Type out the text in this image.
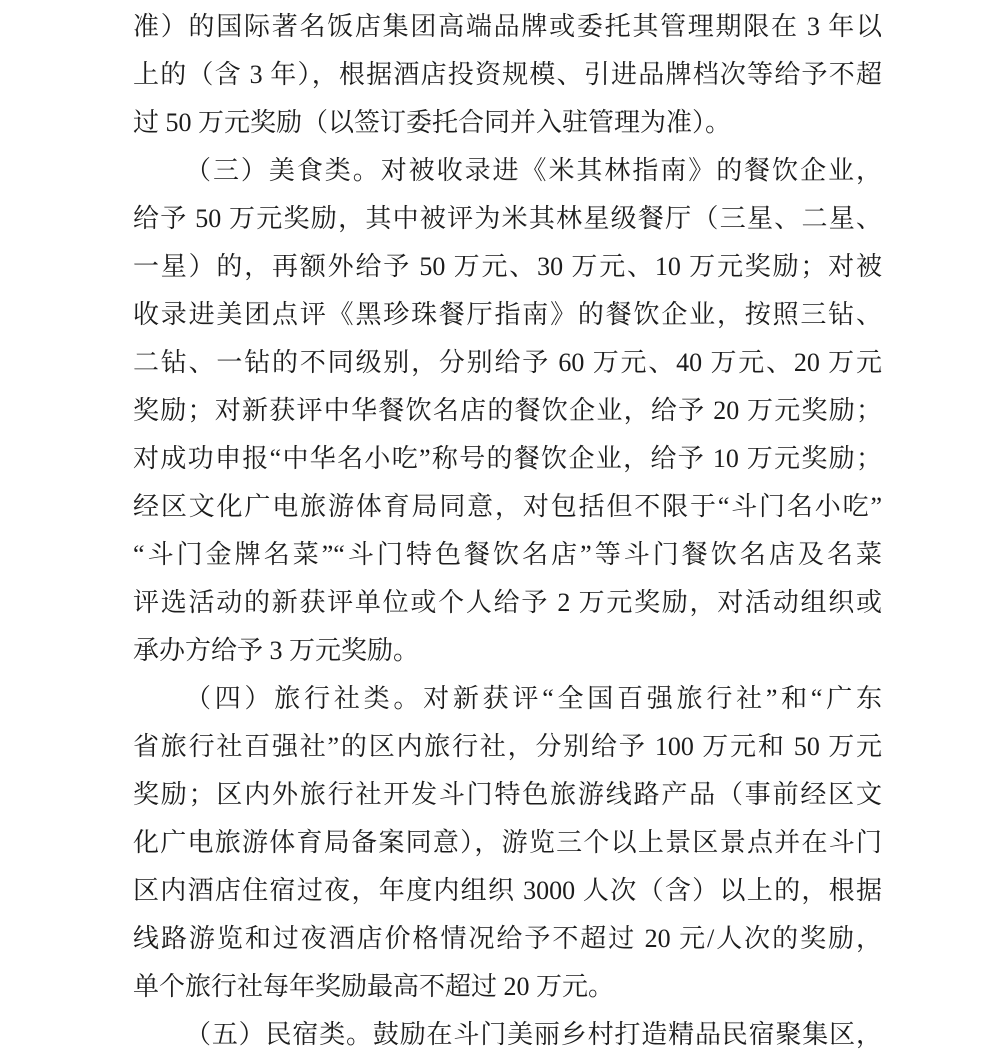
准）的国际著名饭店集团高端品牌或委托其管理期限在 3 年以
上的（含 3 年），根据酒店投资规模、引进品牌档次等给予不超
过 50 万元奖励（以签订委托合同并入驻管理为准）。
（三）美食类。对被收录进《米其林指南》的餐饮企业，
给予 50 万元奖励，其中被评为米其林星级餐厅（三星、二星、
一星）的，再额外给予 50 万元、30 万元、10 万元奖励；对被
收录进美团点评《黑珍珠餐厅指南》的餐饮企业，按照三钻、
二钻、一钻的不同级别，分别给予 60 万元、40 万元、20 万元
奖励；对新获评中华餐饮名店的餐饮企业，给予 20 万元奖励；
对成功申报“中华名小吃”称号的餐饮企业，给予 10 万元奖励；
经区文化广电旅游体育局同意，对包括但不限于“斗门名小吃”
“斗门金牌名菜”“斗门特色餐饮名店”等斗门餐饮名店及名菜
评选活动的新获评单位或个人给予 2 万元奖励，对活动组织或
承办方给予 3 万元奖励。
（四）旅行社类。对新获评“全国百强旅行社”和“广东
省旅行社百强社”的区内旅行社，分别给予 100 万元和 50 万元
奖励；区内外旅行社开发斗门特色旅游线路产品（事前经区文
化广电旅游体育局备案同意），游览三个以上景区景点并在斗门
区内酒店住宿过夜，年度内组织 3000 人次（含）以上的，根据
线路游览和过夜酒店价格情况给予不超过 20 元/人次的奖励，
单个旅行社每年奖励最高不超过 20 万元。
（五）民宿类。鼓励在斗门美丽乡村打造精品民宿聚集区，
